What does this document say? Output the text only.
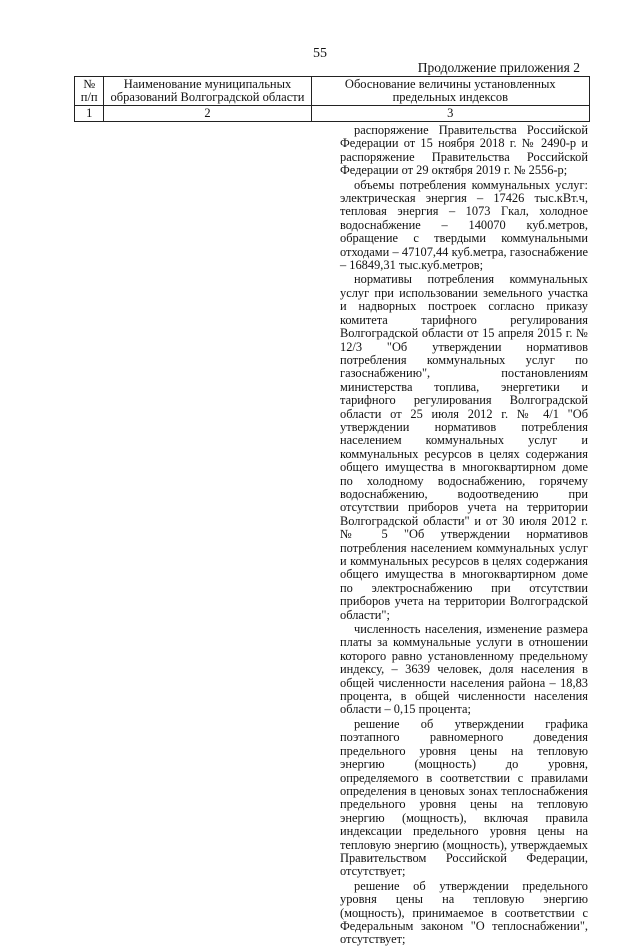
55
Продолжение приложения 2
№ п/п	Наименование муниципальных образований Волгоградской области	Обоснование величины установленных предельных индексов
1	2	3

распоряжение Правительства Российской Федерации от 15 ноября 2018 г. № 2490-р и распоряжение Правительства Российской Федерации от 29 октября 2019 г. № 2556-р;

объемы потребления коммунальных услуг: электрическая энергия – 17426 тыс.кВт.ч, тепловая энергия – 1073 Гкал, холодное водоснабжение – 140070 куб.метров, обращение с твердыми коммунальными отходами – 47107,44 куб.метра, газоснабжение – 16849,31 тыс.куб.метров;

нормативы потребления коммунальных услуг при использовании земельного участка и надворных построек согласно приказу комитета тарифного регулирования Волгоградской области от 15 апреля 2015 г. № 12/3 "Об утверждении нормативов потребления коммунальных услуг по газоснабжению", постановлениям министерства топлива, энергетики и тарифного регулирования Волгоградской области от 25 июля 2012 г. № 4/1 "Об утверждении нормативов потребления населением коммунальных услуг и коммунальных ресурсов в целях содержания общего имущества в многоквартирном доме по холодному водоснабжению, горячему водоснабжению, водоотведению при отсутствии приборов учета на территории Волгоградской области" и от 30 июля 2012 г. № 5 "Об утверждении нормативов потребления населением коммунальных услуг и коммунальных ресурсов в целях содержания общего имущества в многоквартирном доме по электроснабжению при отсутствии приборов учета на территории Волгоградской области";

численность населения, изменение размера платы за коммунальные услуги в отношении которого равно установленному предельному индексу, – 3639 человек, доля населения в общей численности населения района – 18,83 процента, в общей численности населения области – 0,15 процента;

решение об утверждении графика поэтапного равномерного доведения предельного уровня цены на тепловую энергию (мощность) до уровня, определяемого в соответствии с правилами определения в ценовых зонах теплоснабжения предельного уровня цены на тепловую энергию (мощность), включая правила индексации предельного уровня цены на тепловую энергию (мощность), утверждаемых Правительством Российской Федерации, отсутствует;

решение об утверждении предельного уровня цены на тепловую энергию (мощность), принимаемое в соответствии с Федеральным законом "О теплоснабжении", отсутствует;
